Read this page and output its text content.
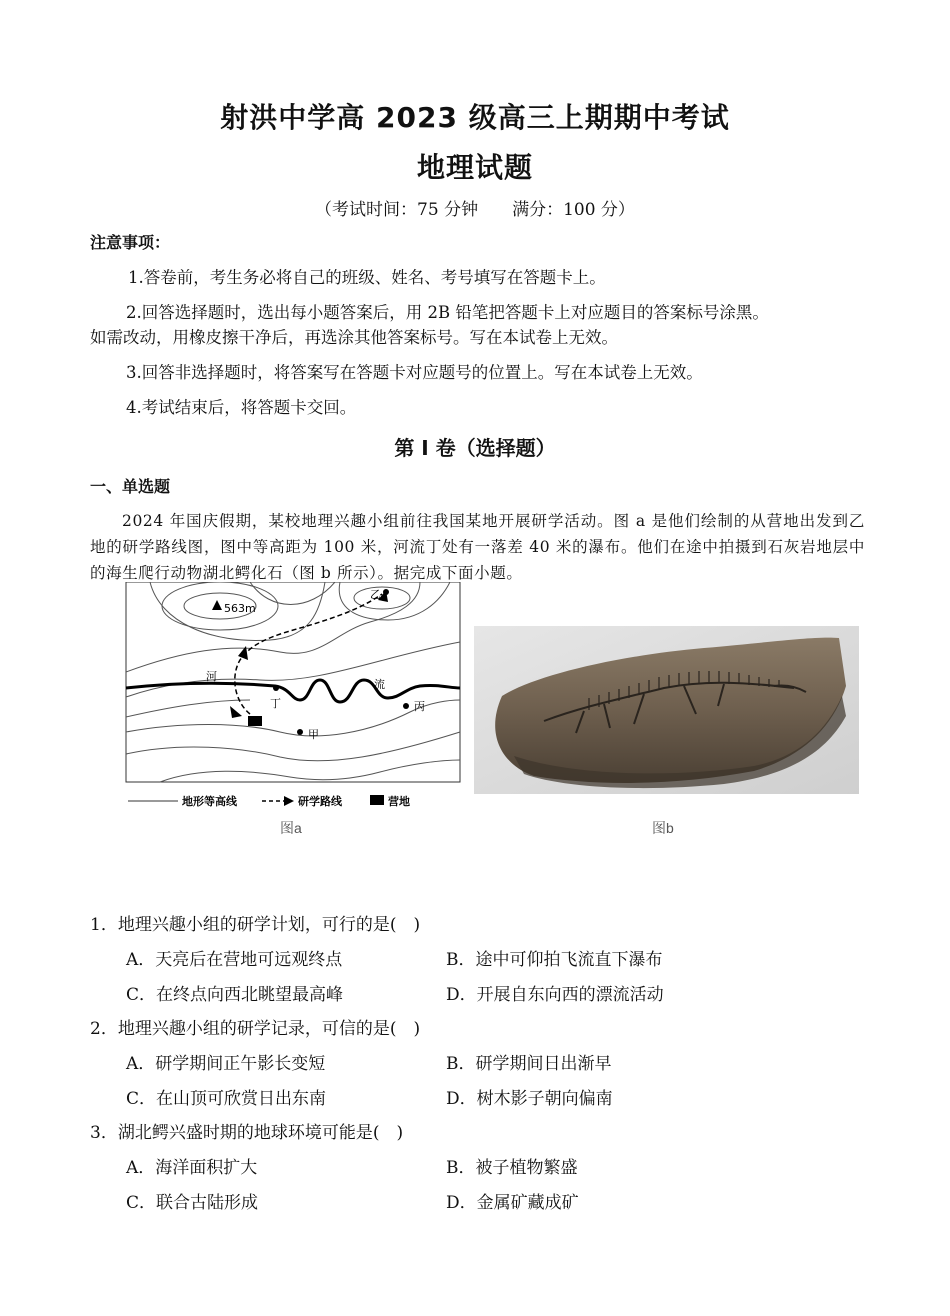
射洪中学高 2023 级高三上期期中考试
地理试题
（考试时间：75 分钟　　满分：100 分）
注意事项：
1.答卷前，考生务必将自己的班级、姓名、考号填写在答题卡上。
2.回答选择题时，选出每小题答案后，用 2B 铅笔把答题卡上对应题目的答案标号涂黑。
如需改动，用橡皮擦干净后，再选涂其他答案标号。写在本试卷上无效。
3.回答非选择题时，将答案写在答题卡对应题号的位置上。写在本试卷上无效。
4.考试结束后，将答题卡交回。
第 I 卷（选择题）
一、单选题
2024 年国庆假期，某校地理兴趣小组前往我国某地开展研学活动。图 a 是他们绘制的从营地出发到乙地的研学路线图，图中等高距为 100 米，河流丁处有一落差 40 米的瀑布。他们在途中拍摄到石灰岩地层中的海生爬行动物湖北鳄化石（图 b 所示）。据完成下面小题。
563m
乙
河
流
丁	丙
甲
地形等高线	研学路线	营地
图a	图b
1．地理兴趣小组的研学计划，可行的是(　)
A．天亮后在营地可远观终点	B．途中可仰拍飞流直下瀑布
C．在终点向西北眺望最高峰	D．开展自东向西的漂流活动
2．地理兴趣小组的研学记录，可信的是(　)
A．研学期间正午影长变短	B．研学期间日出渐早
C．在山顶可欣赏日出东南	D．树木影子朝向偏南
3．湖北鳄兴盛时期的地球环境可能是(　)
A．海洋面积扩大	B．被子植物繁盛
C．联合古陆形成	D．金属矿藏成矿
